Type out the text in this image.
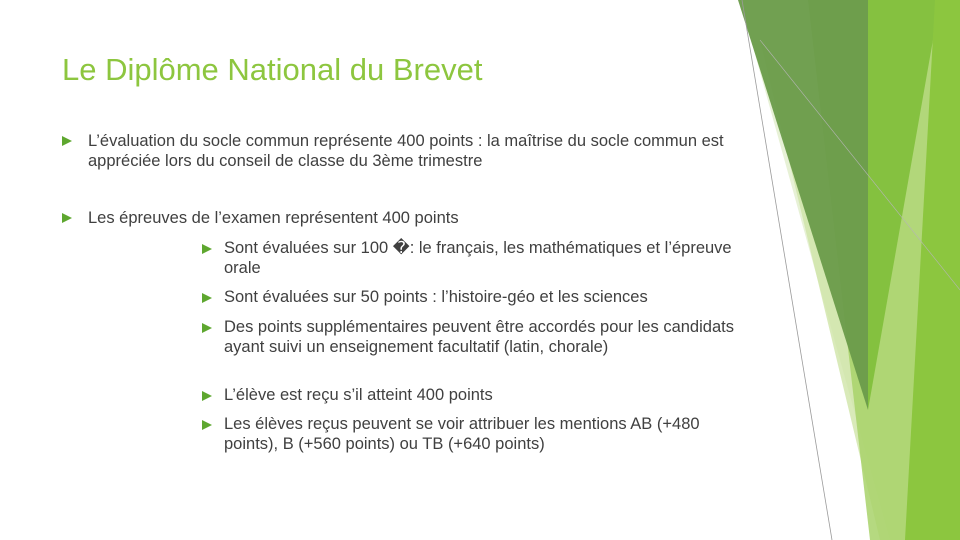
Le Diplôme National du Brevet
L’évaluation du socle commun représente 400 points : la maîtrise du socle commun est appréciée lors du conseil de classe du 3ème trimestre
Les épreuves de l’examen représentent 400 points
Sont évaluées sur 100 �: le français, les mathématiques et l’épreuve orale
Sont évaluées sur 50 points : l’histoire-géo et les sciences
Des points supplémentaires peuvent être accordés pour les candidats ayant suivi un enseignement facultatif (latin, chorale)
L’élève est reçu s’il atteint 400 points
Les élèves reçus peuvent se voir attribuer les mentions AB (+480 points), B (+560 points) ou TB (+640 points)
